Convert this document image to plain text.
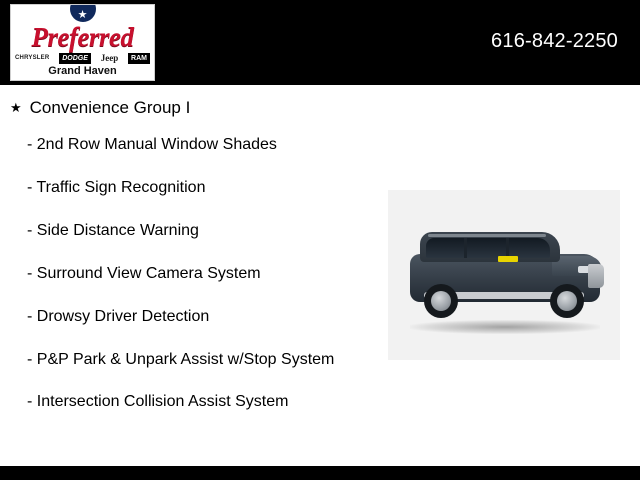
★
Preferred
CHRYSLER	DODGE	Jeep	RAM
Grand Haven
616-842-2250
★ Convenience Group I
- 2nd Row Manual Window Shades
- Traffic Sign Recognition
- Side Distance Warning
- Surround View Camera System
- Drowsy Driver Detection
- P&P Park & Unpark Assist w/Stop System
- Intersection Collision Assist System
